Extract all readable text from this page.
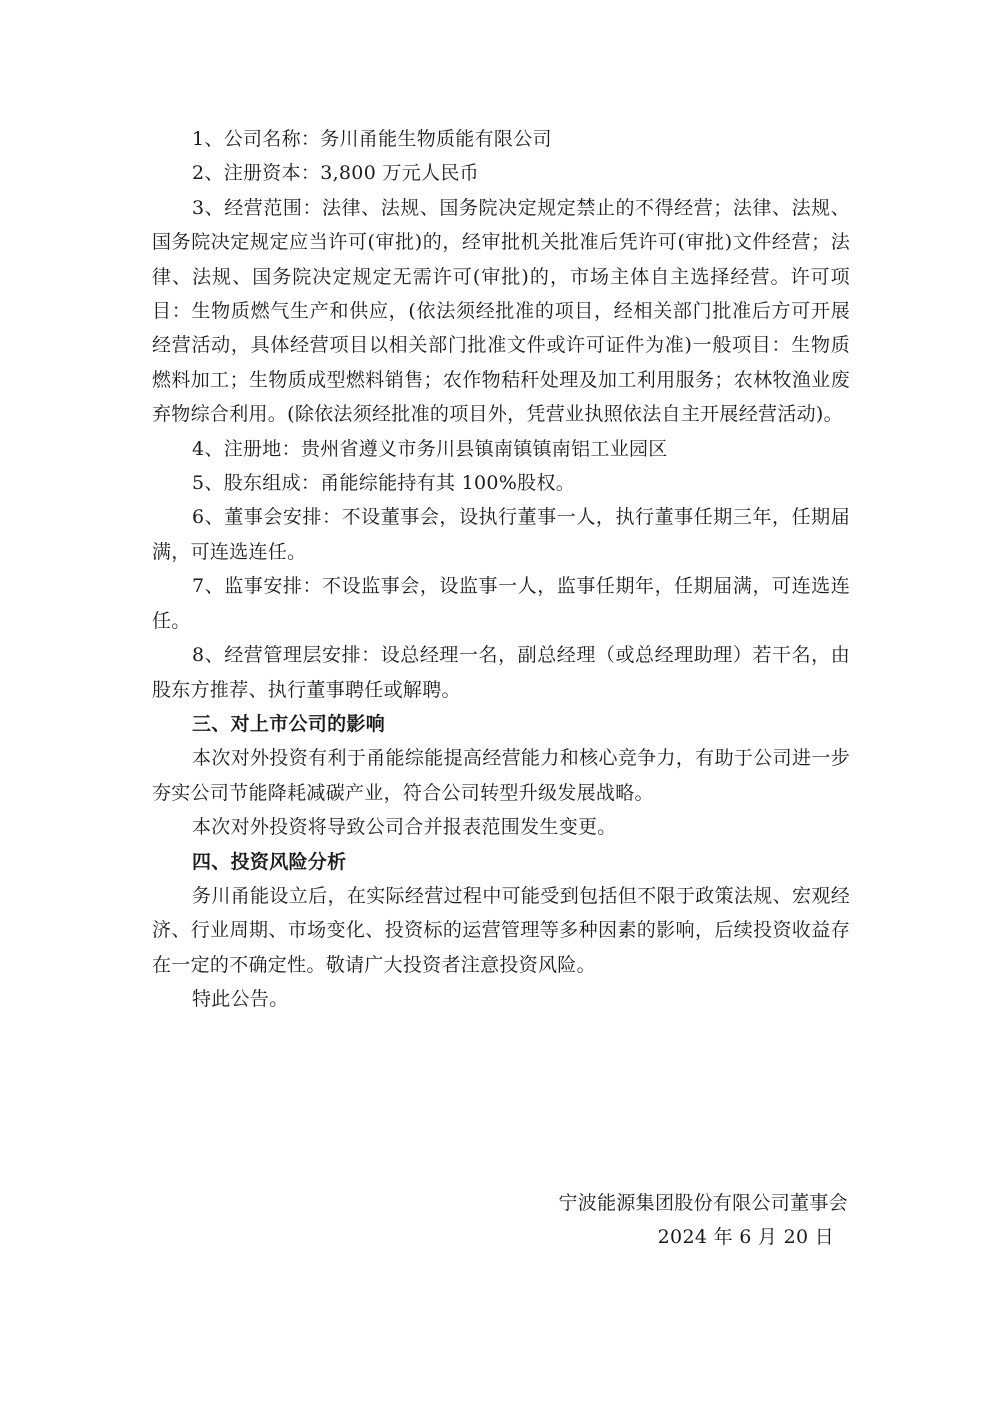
1、公司名称：务川甬能生物质能有限公司

2、注册资本：3,800 万元人民币

3、经营范围：法律、法规、国务院决定规定禁止的不得经营；法律、法规、国务院决定规定应当许可(审批)的，经审批机关批准后凭许可(审批)文件经营；法律、法规、国务院决定规定无需许可(审批)的，市场主体自主选择经营。许可项目：生物质燃气生产和供应，(依法须经批准的项目，经相关部门批准后方可开展经营活动，具体经营项目以相关部门批准文件或许可证件为准)一般项目：生物质燃料加工；生物质成型燃料销售；农作物秸秆处理及加工利用服务；农林牧渔业废弃物综合利用。(除依法须经批准的项目外，凭营业执照依法自主开展经营活动)。

4、注册地：贵州省遵义市务川县镇南镇镇南铝工业园区

5、股东组成：甬能综能持有其 100%股权。

6、董事会安排：不设董事会，设执行董事一人，执行董事任期三年，任期届满，可连选连任。

7、监事安排：不设监事会，设监事一人，监事任期年，任期届满，可连选连任。

8、经营管理层安排：设总经理一名，副总经理（或总经理助理）若干名，由股东方推荐、执行董事聘任或解聘。

三、对上市公司的影响

本次对外投资有利于甬能综能提高经营能力和核心竞争力，有助于公司进一步夯实公司节能降耗减碳产业，符合公司转型升级发展战略。

本次对外投资将导致公司合并报表范围发生变更。

四、投资风险分析

务川甬能设立后，在实际经营过程中可能受到包括但不限于政策法规、宏观经济、行业周期、市场变化、投资标的运营管理等多种因素的影响，后续投资收益存在一定的不确定性。敬请广大投资者注意投资风险。

特此公告。

宁波能源集团股份有限公司董事会
2024 年 6 月 20 日
